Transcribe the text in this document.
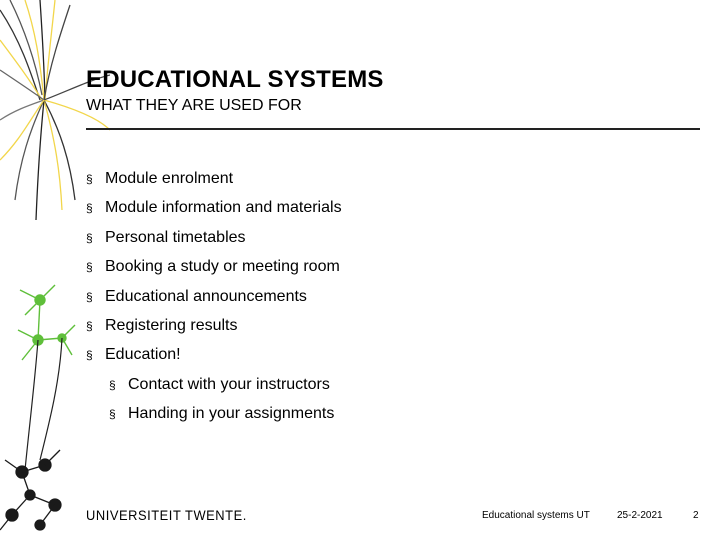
EDUCATIONAL SYSTEMS
WHAT THEY ARE USED FOR
§ Module enrolment
§ Module information and materials
§ Personal timetables
§ Booking a study or meeting room
§ Educational announcements
§ Registering results
§ Education!
§ Contact with your instructors
§ Handing in your assignments
UNIVERSITEIT TWENTE.	Educational systems UT	25-2-2021	2
